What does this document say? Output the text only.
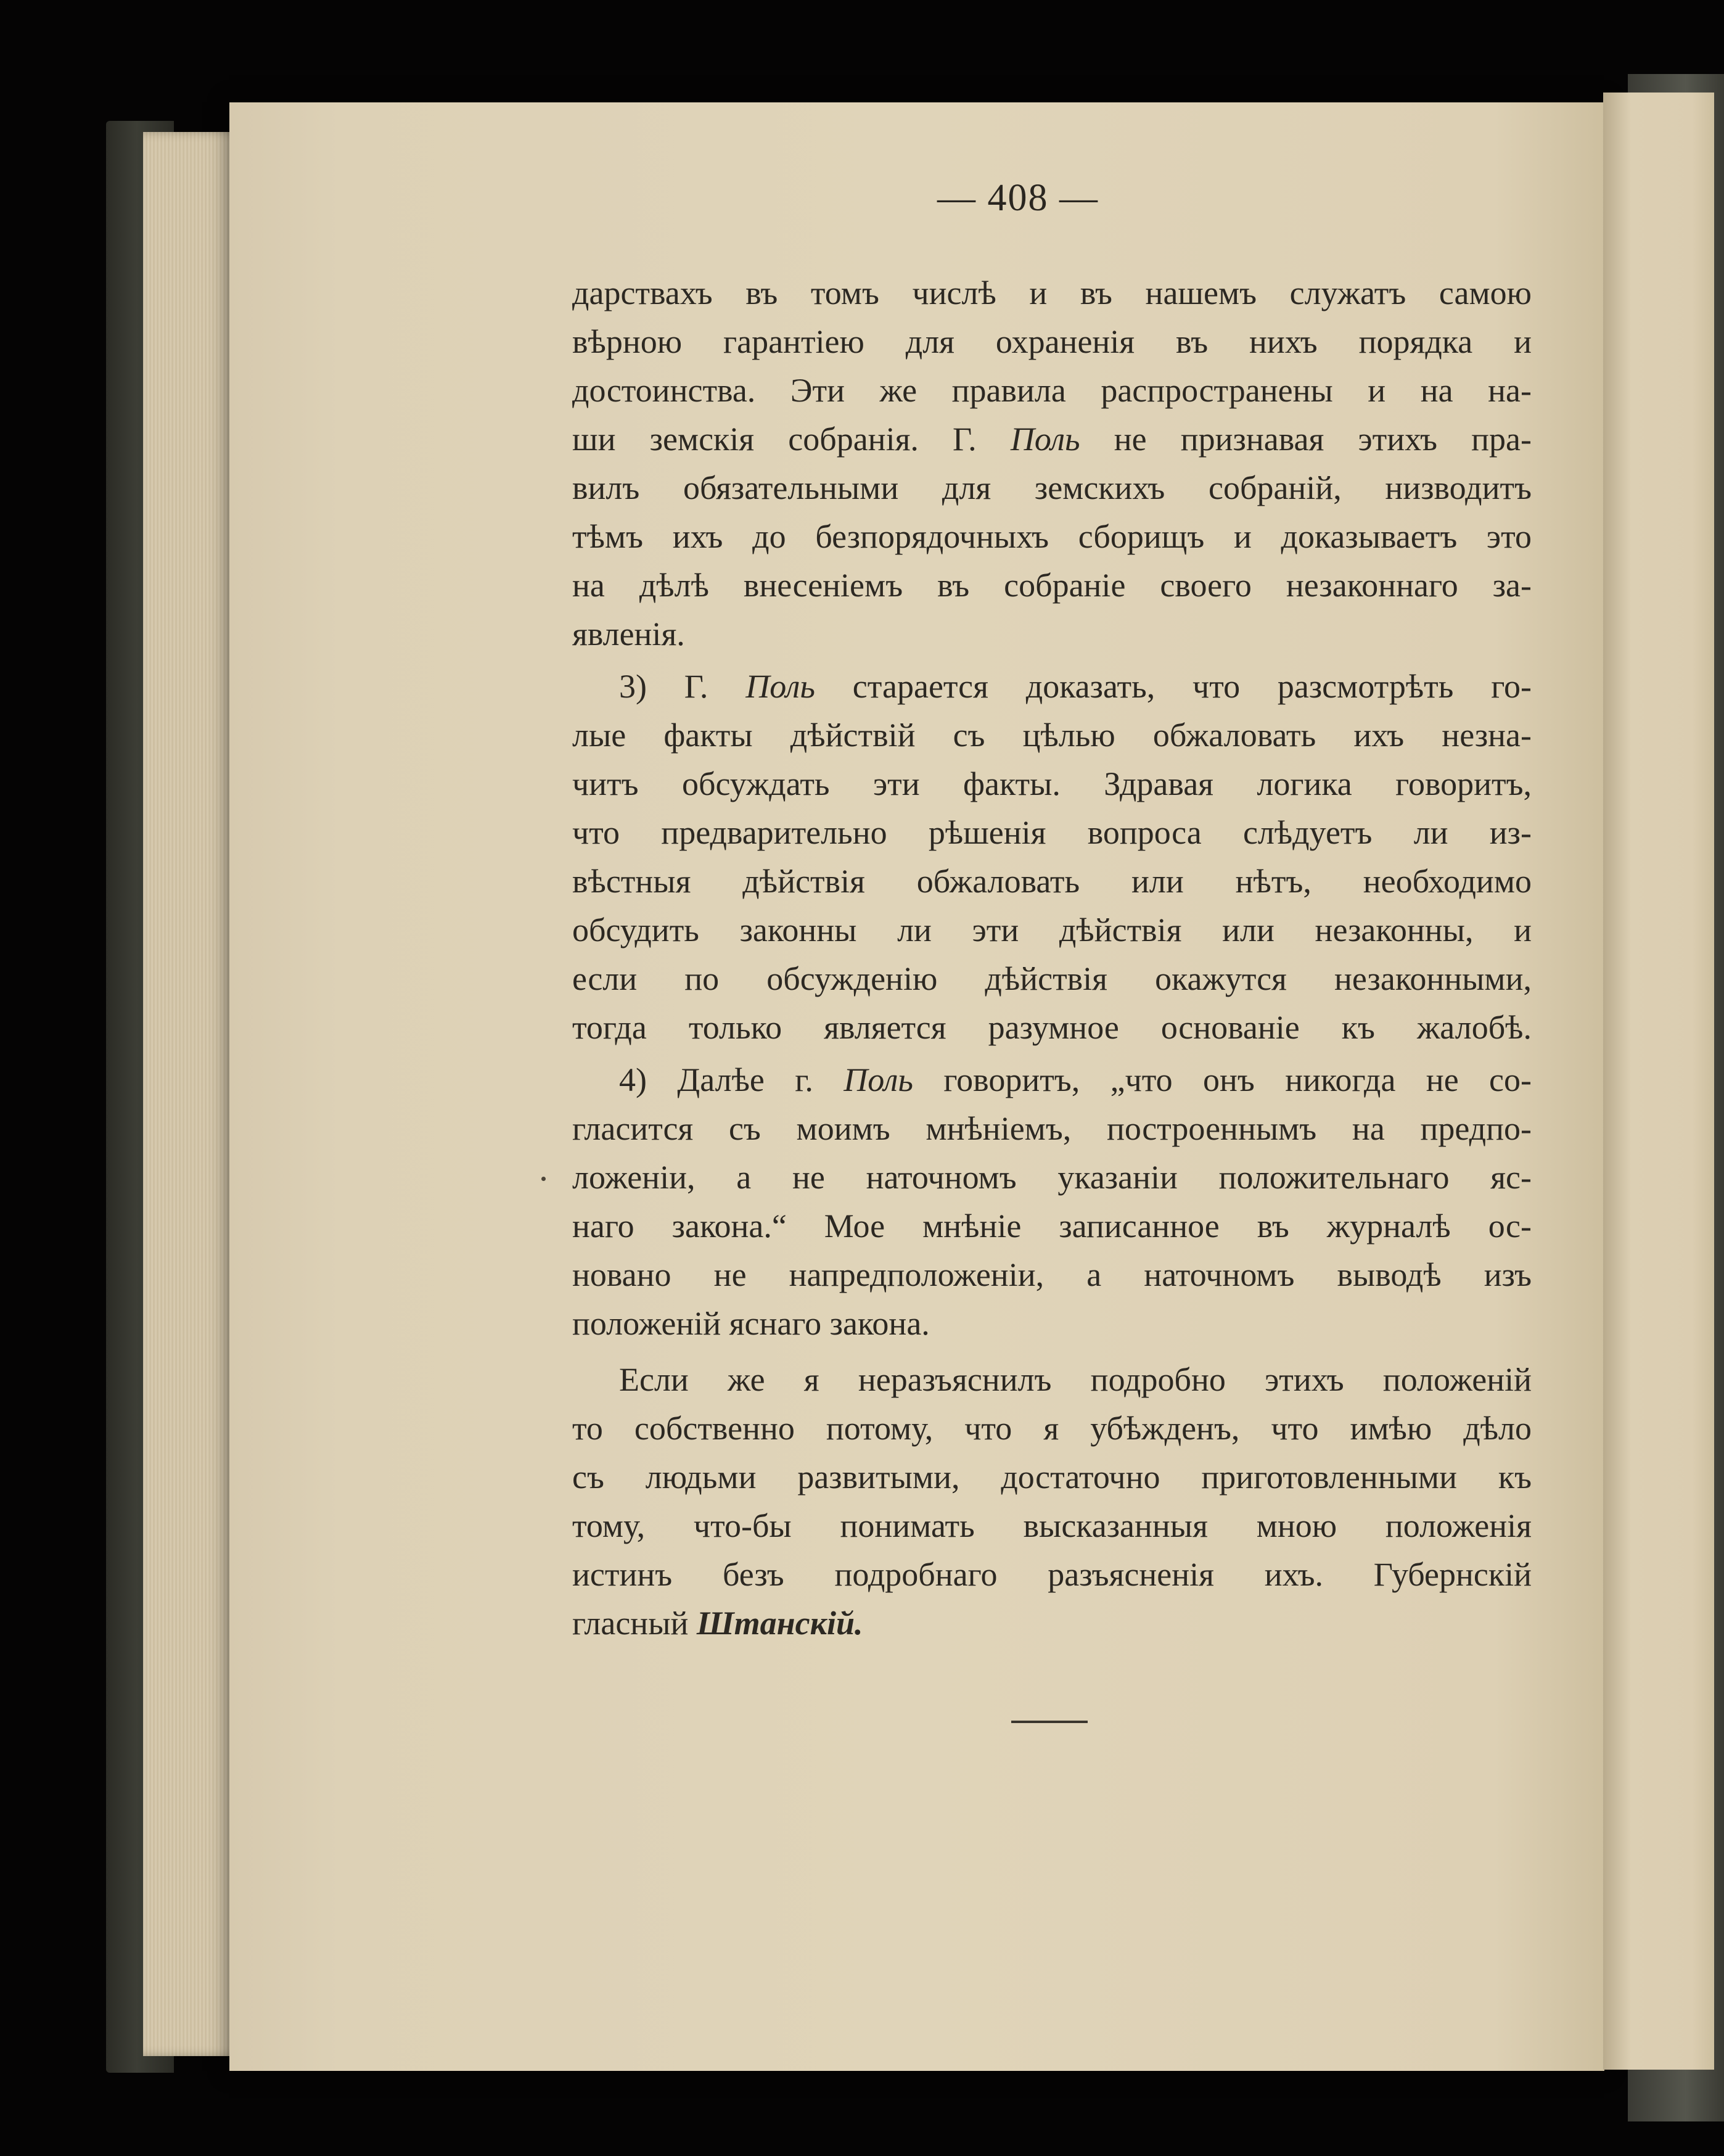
— 408 —

дарствахъ въ томъ числѣ и въ нашемъ служатъ самою

вѣрною гарантіею для охраненія въ нихъ порядка и

достоинства. Эти же правила распространены и на на-

ши земскія собранія. Г. Поль не признавая этихъ пра-

вилъ обязательными для земскихъ собраній, низводитъ

тѣмъ ихъ до безпорядочныхъ сборищъ и доказываетъ это

на дѣлѣ внесеніемъ въ собраніе своего незаконнаго за-

явленія.

3) Г. Поль старается доказать, что разсмотрѣть го-

лые факты дѣйствій съ цѣлью обжаловать ихъ незна-

читъ обсуждать эти факты. Здравая логика говоритъ,

что предварительно рѣшенія вопроса слѣдуетъ ли из-

вѣстныя дѣйствія обжаловать или нѣтъ, необходимо

обсудить законны ли эти дѣйствія или незаконны, и

если по обсужденію дѣйствія окажутся незаконными,

тогда только является разумное основаніе къ жалобѣ.

4) Далѣе г. Поль говоритъ, „что онъ никогда не со-

гласится съ моимъ мнѣніемъ, построеннымъ на предпо-

ложеніи, а не наточномъ указаніи положительнаго яс-

наго закона.“ Мое мнѣніе записанное въ журналѣ ос-

новано не напредположеніи, а наточномъ выводѣ изъ

положеній яснаго закона.

Если же я неразъяснилъ подробно этихъ положеній

то собственно потому, что я убѣжденъ, что имѣю дѣло

съ людьми развитыми, достаточно приготовленными къ

тому, что-бы понимать высказанныя мною положенія

истинъ безъ подробнаго разъясненія ихъ. Губернскій

гласный Штанскій.
